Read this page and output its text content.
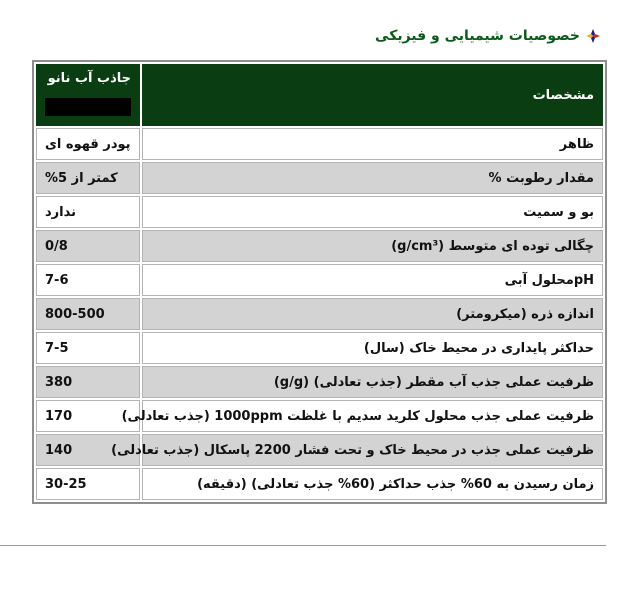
خصوصیات شیمیایی و فیزیکی
مشخصات	جاذب آب نانو

ظاهر	پودر قهوه ای
مقدار رطوبت %	کمتر از 5%
بو و سمیت	ندارد
چگالی توده ای متوسط (g/cm³)	0/8
pHمحلول آبی	7-6
اندازه ذره (میکرومتر)	800-500
حداکثر پایداری در محیط خاک (سال)	7-5
ظرفیت عملی جذب آب مقطر (جذب تعادلی) (g/g)	380
ظرفیت عملی جذب محلول کلرید سدیم با غلظت 1000ppm (جذب تعادلی)	170
ظرفیت عملی جذب در محیط خاک و تحت فشار 2200 پاسکال (جذب تعادلی)	140
زمان رسیدن به 60% جذب حداکثر (60% جذب تعادلی) (دقیقه)	30-25
